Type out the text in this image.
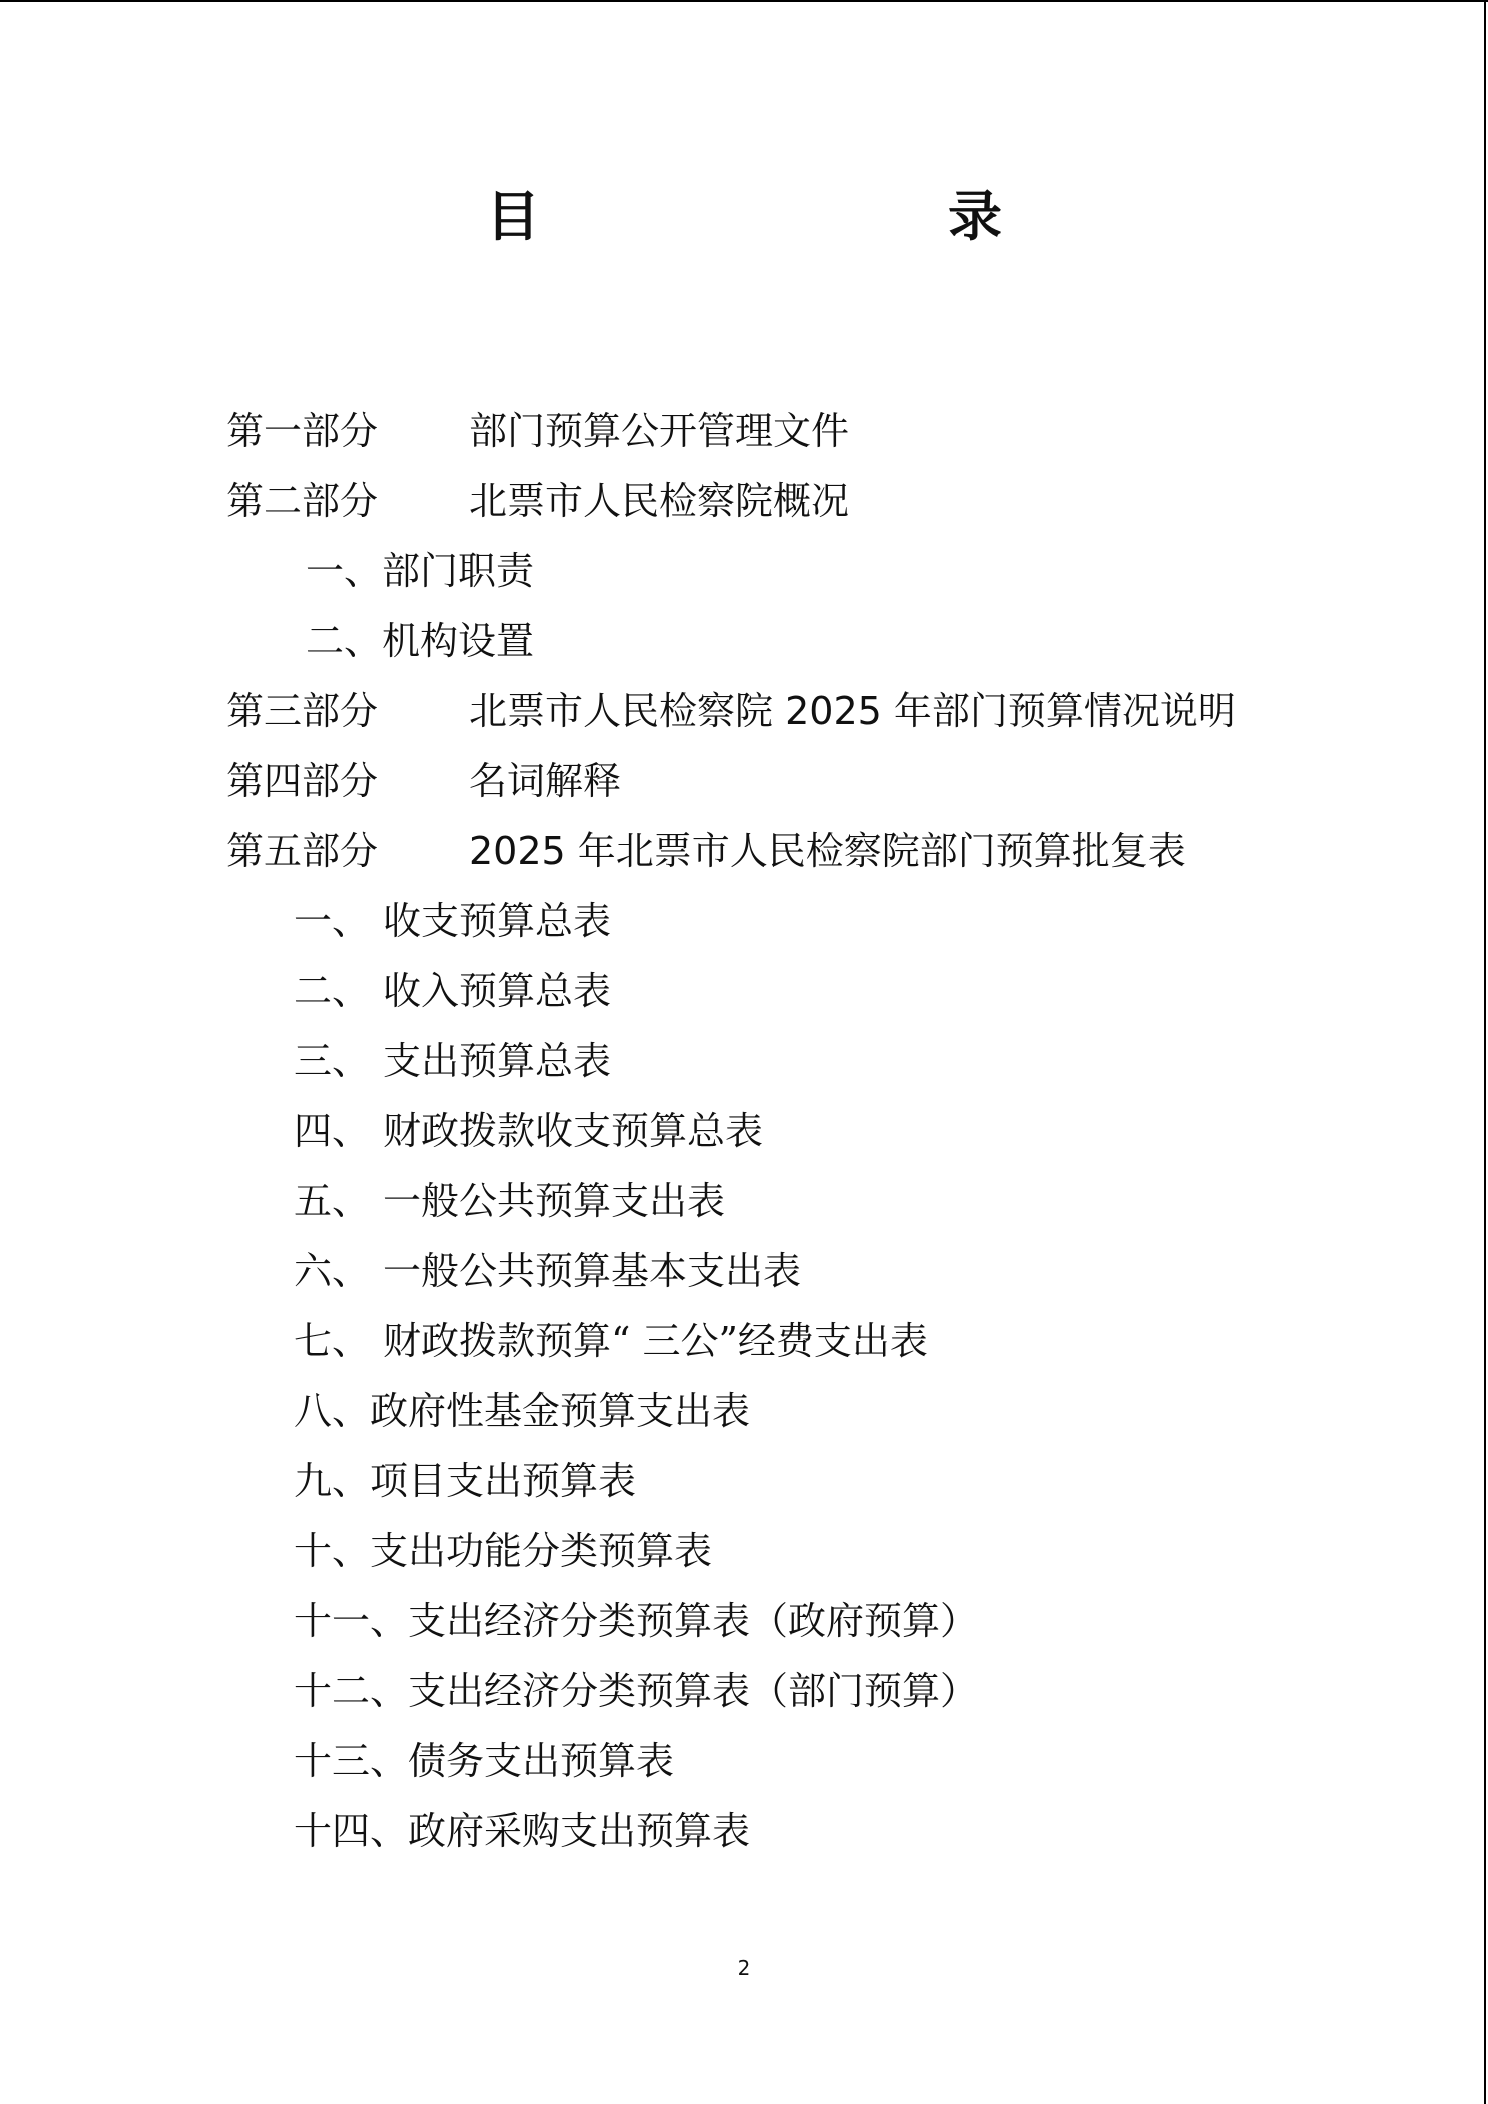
目　　录
第一部分 部门预算公开管理文件
第二部分 北票市人民检察院概况
一、部门职责
二、机构设置
第三部分 北票市人民检察院 2025 年部门预算情况说明
第四部分 名词解释
第五部分 2025 年北票市人民检察院部门预算批复表
一、 收支预算总表
二、 收入预算总表
三、 支出预算总表
四、 财政拨款收支预算总表
五、 一般公共预算支出表
六、 一般公共预算基本支出表
七、 财政拨款预算“ 三公”经费支出表
八、政府性基金预算支出表
九、项目支出预算表
十、支出功能分类预算表
十一、支出经济分类预算表（政府预算）
十二、支出经济分类预算表（部门预算）
十三、债务支出预算表
十四、政府采购支出预算表
2
